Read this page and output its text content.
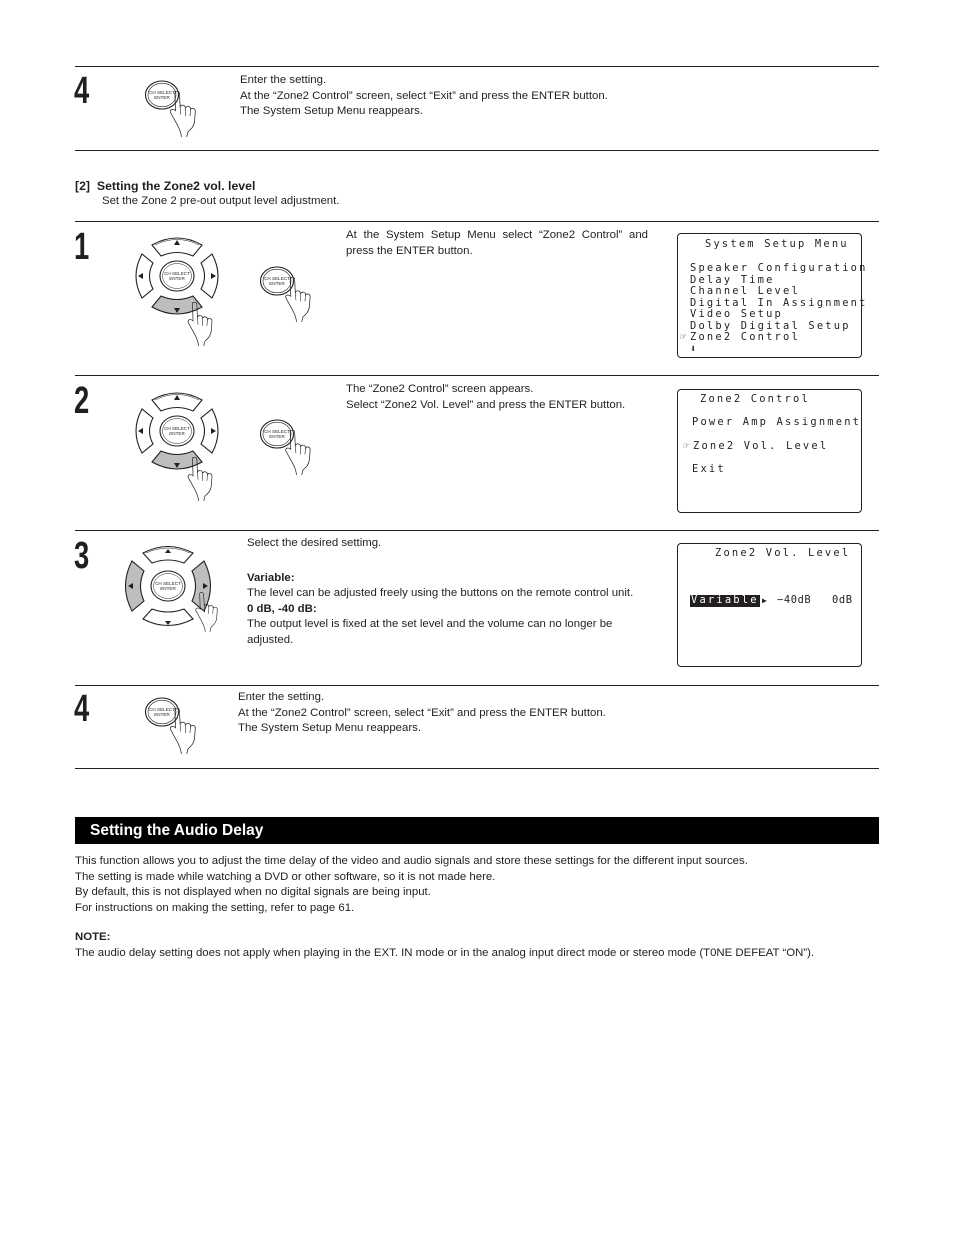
4	CH SELECT
ENTER
Enter the setting.
At the “Zone2 Control” screen, select “Exit” and press the ENTER button.
The System Setup Menu reappears.
[2]  Setting the Zone2 vol. level
Set the Zone 2 pre-out output level adjustment.
1
CH SELECT
ENTER	CH SELECT
ENTER
At the System Setup Menu select “Zone2 Control” and press the ENTER button.
System Setup Menu
Speaker Configuration
Delay Time
Channel Level
Digital In Assignment
Video Setup
Dolby Digital Setup
☞ Zone2 Control
⬇
2
CH SELECT
ENTER	CH SELECT
ENTER
The “Zone2 Control” screen appears.
Select “Zone2 Vol. Level” and press the ENTER button.	Zone2 Control
Power Amp Assignment
☞ Zone2 Vol. Level
Exit
3
CH SELECT
ENTER
Select the desired settimg.
Variable:
The level can be adjusted freely using the buttons on the remote control unit.
0 dB, -40 dB:
The output level is fixed at the set level and the volume can no longer be adjusted.
Zone2 Vol. Level
Variable ▶ −40dB 0dB
4	CH SELECT
ENTER
Enter the setting.
At the “Zone2 Control” screen, select “Exit” and press the ENTER button.
The System Setup Menu reappears.
Setting the Audio Delay
This function allows you to adjust the time delay of the video and audio signals and store these settings for the different input sources.
The setting is made while watching a DVD or other software, so it is not made here.
By default, this is not displayed when no digital signals are being input.
For instructions on making the setting, refer to page 61.
NOTE:
The audio delay setting does not apply when playing in the EXT. IN mode or in the analog input direct mode or stereo mode (T0NE DEFEAT “ON”).
